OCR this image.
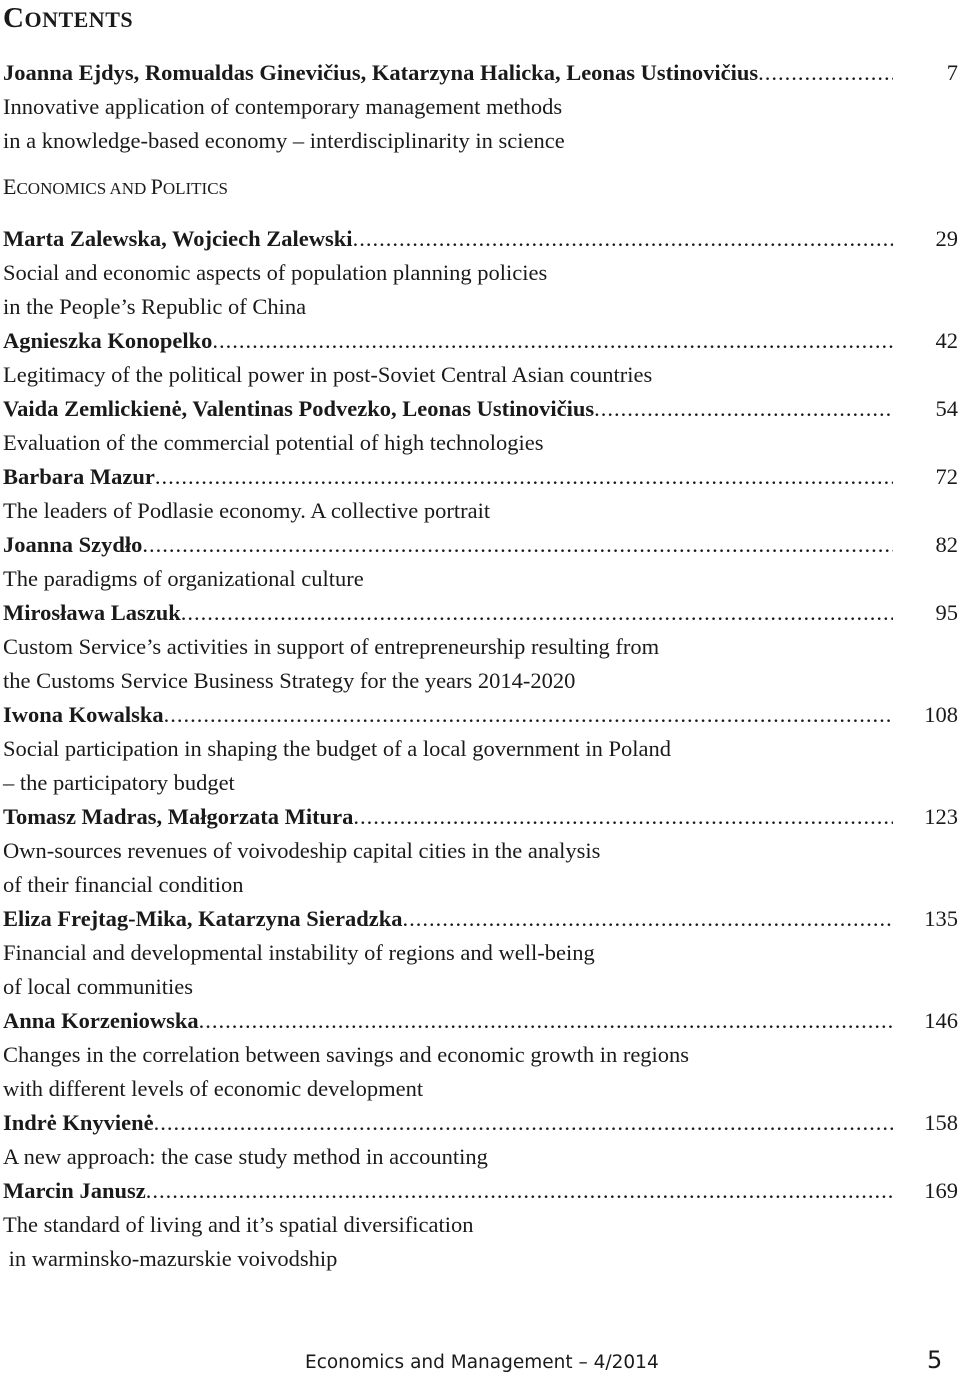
CONTENTS
Joanna Ejdys, Romualdas Ginevičius, Katarzyna Halicka, Leonas Ustinovičius .....	7
Innovative application of contemporary management methods
in a knowledge-based economy – interdisciplinarity in science
ECONOMICS AND POLITICS
Marta Zalewska, Wojciech Zalewski .....	29
Social and economic aspects of population planning policies
in the People’s Republic of China
Agnieszka Konopelko .....	42
Legitimacy of the political power in post-Soviet Central Asian countries
Vaida Zemlickienė, Valentinas Podvezko, Leonas Ustinovičius .....	54
Evaluation of the commercial potential of high technologies
Barbara Mazur .....	72
The leaders of Podlasie economy. A collective portrait
Joanna Szydło .....	82
The paradigms of organizational culture
Mirosława Laszuk .....	95
Custom Service’s activities in support of entrepreneurship resulting from
the Customs Service Business Strategy for the years 2014-2020
Iwona Kowalska .....	108
Social participation in shaping the budget of a local government in Poland
– the participatory budget
Tomasz Madras, Małgorzata Mitura .....	123
Own-sources revenues of voivodeship capital cities in the analysis
of their financial condition
Eliza Frejtag-Mika, Katarzyna Sieradzka .....	135
Financial and developmental instability of regions and well-being
of local communities
Anna Korzeniowska .....	146
Changes in the correlation between savings and economic growth in regions
with different levels of economic development
Indrė Knyvienė .....	158
A new approach: the case study method in accounting
Marcin Janusz .....	169
The standard of living and it’s spatial diversification
in warminsko-mazurskie voivodship
Economics and Management – 4/2014	5
